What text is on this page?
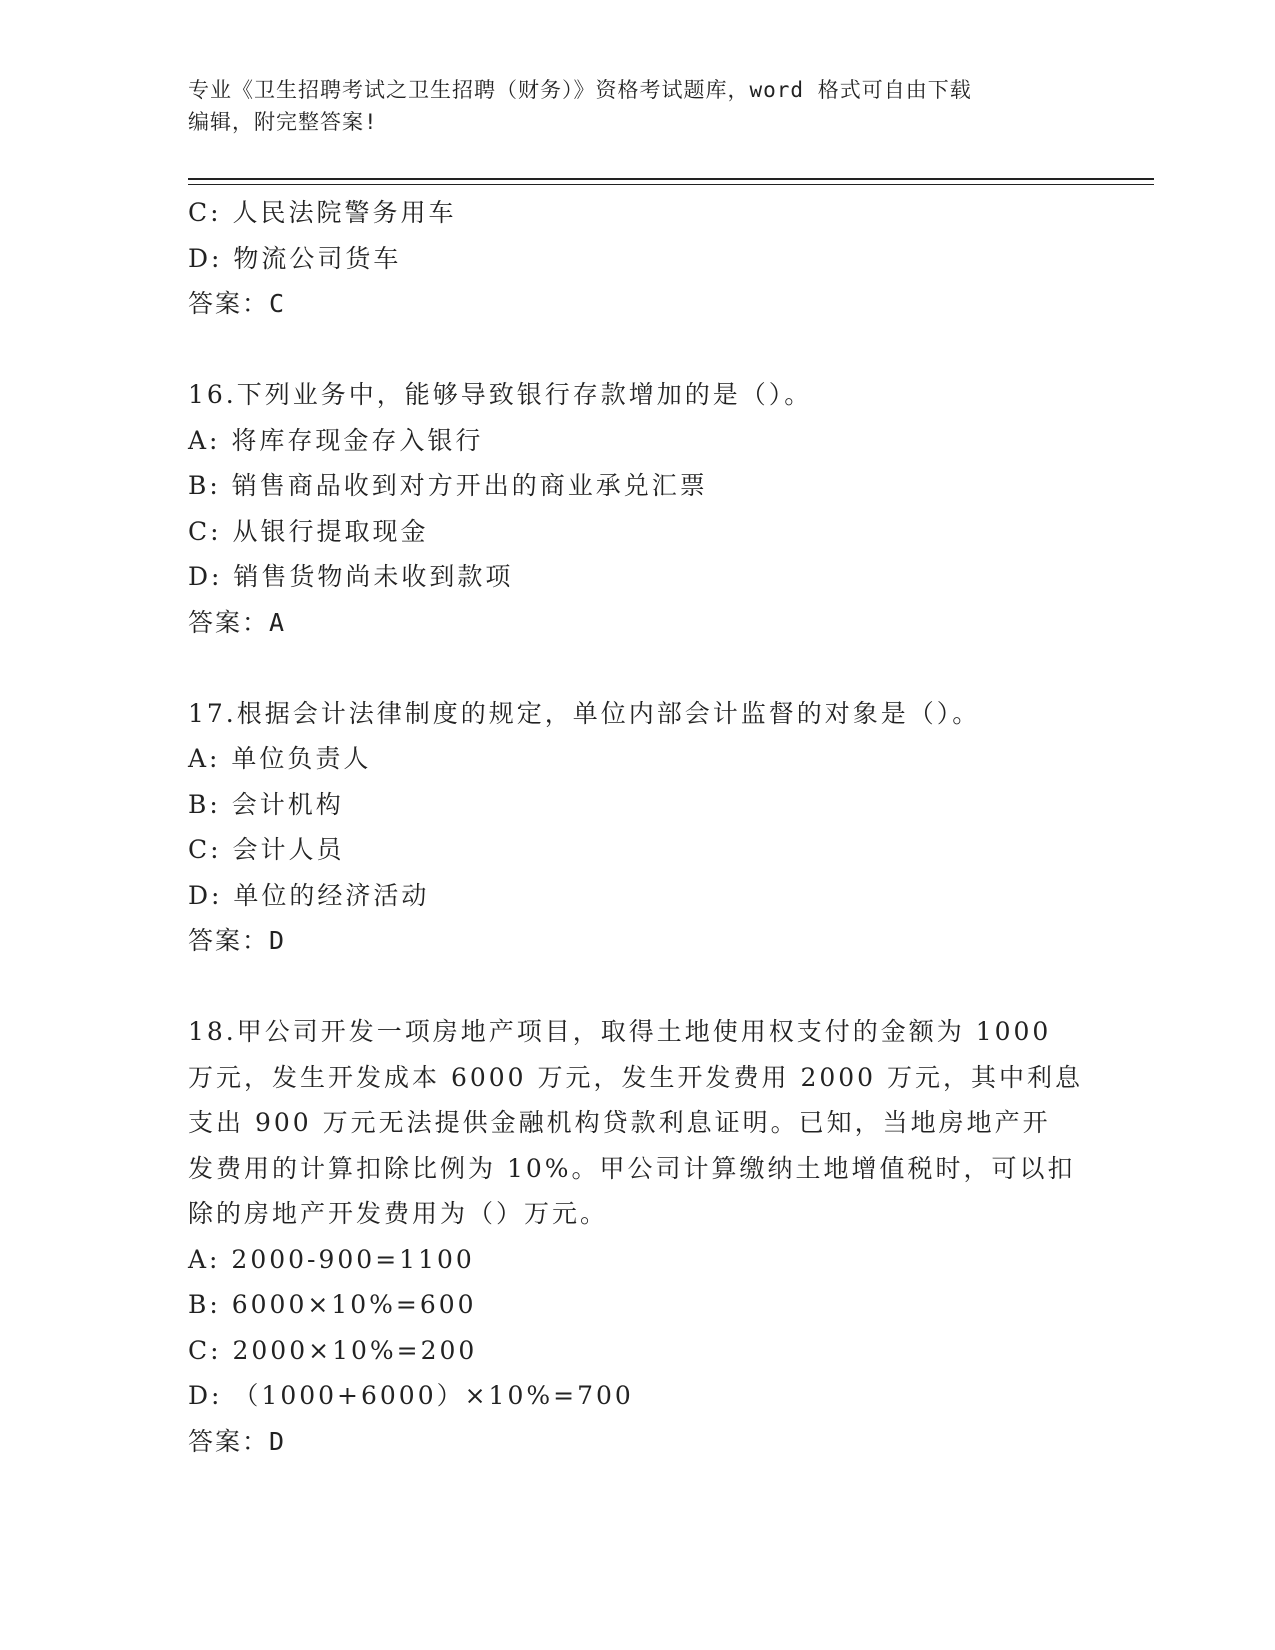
专业《卫生招聘考试之卫生招聘（财务）》资格考试题库，word 格式可自由下载
编辑，附完整答案!
C: 人民法院警务用车
D: 物流公司货车
答案：C
16.下列业务中，能够导致银行存款增加的是（）。
A: 将库存现金存入银行
B: 销售商品收到对方开出的商业承兑汇票
C: 从银行提取现金
D: 销售货物尚未收到款项
答案：A
17.根据会计法律制度的规定，单位内部会计监督的对象是（）。
A: 单位负责人
B: 会计机构
C: 会计人员
D: 单位的经济活动
答案：D
18.甲公司开发一项房地产项目，取得土地使用权支付的金额为 1000
万元，发生开发成本 6000 万元，发生开发费用 2000 万元，其中利息
支出 900 万元无法提供金融机构贷款利息证明。已知，当地房地产开
发费用的计算扣除比例为 10%。甲公司计算缴纳土地增值税时，可以扣
除的房地产开发费用为（）万元。
A: 2000-900=1100
B: 6000×10%=600
C: 2000×10%=200
D: （1000+6000）×10%=700
答案：D
